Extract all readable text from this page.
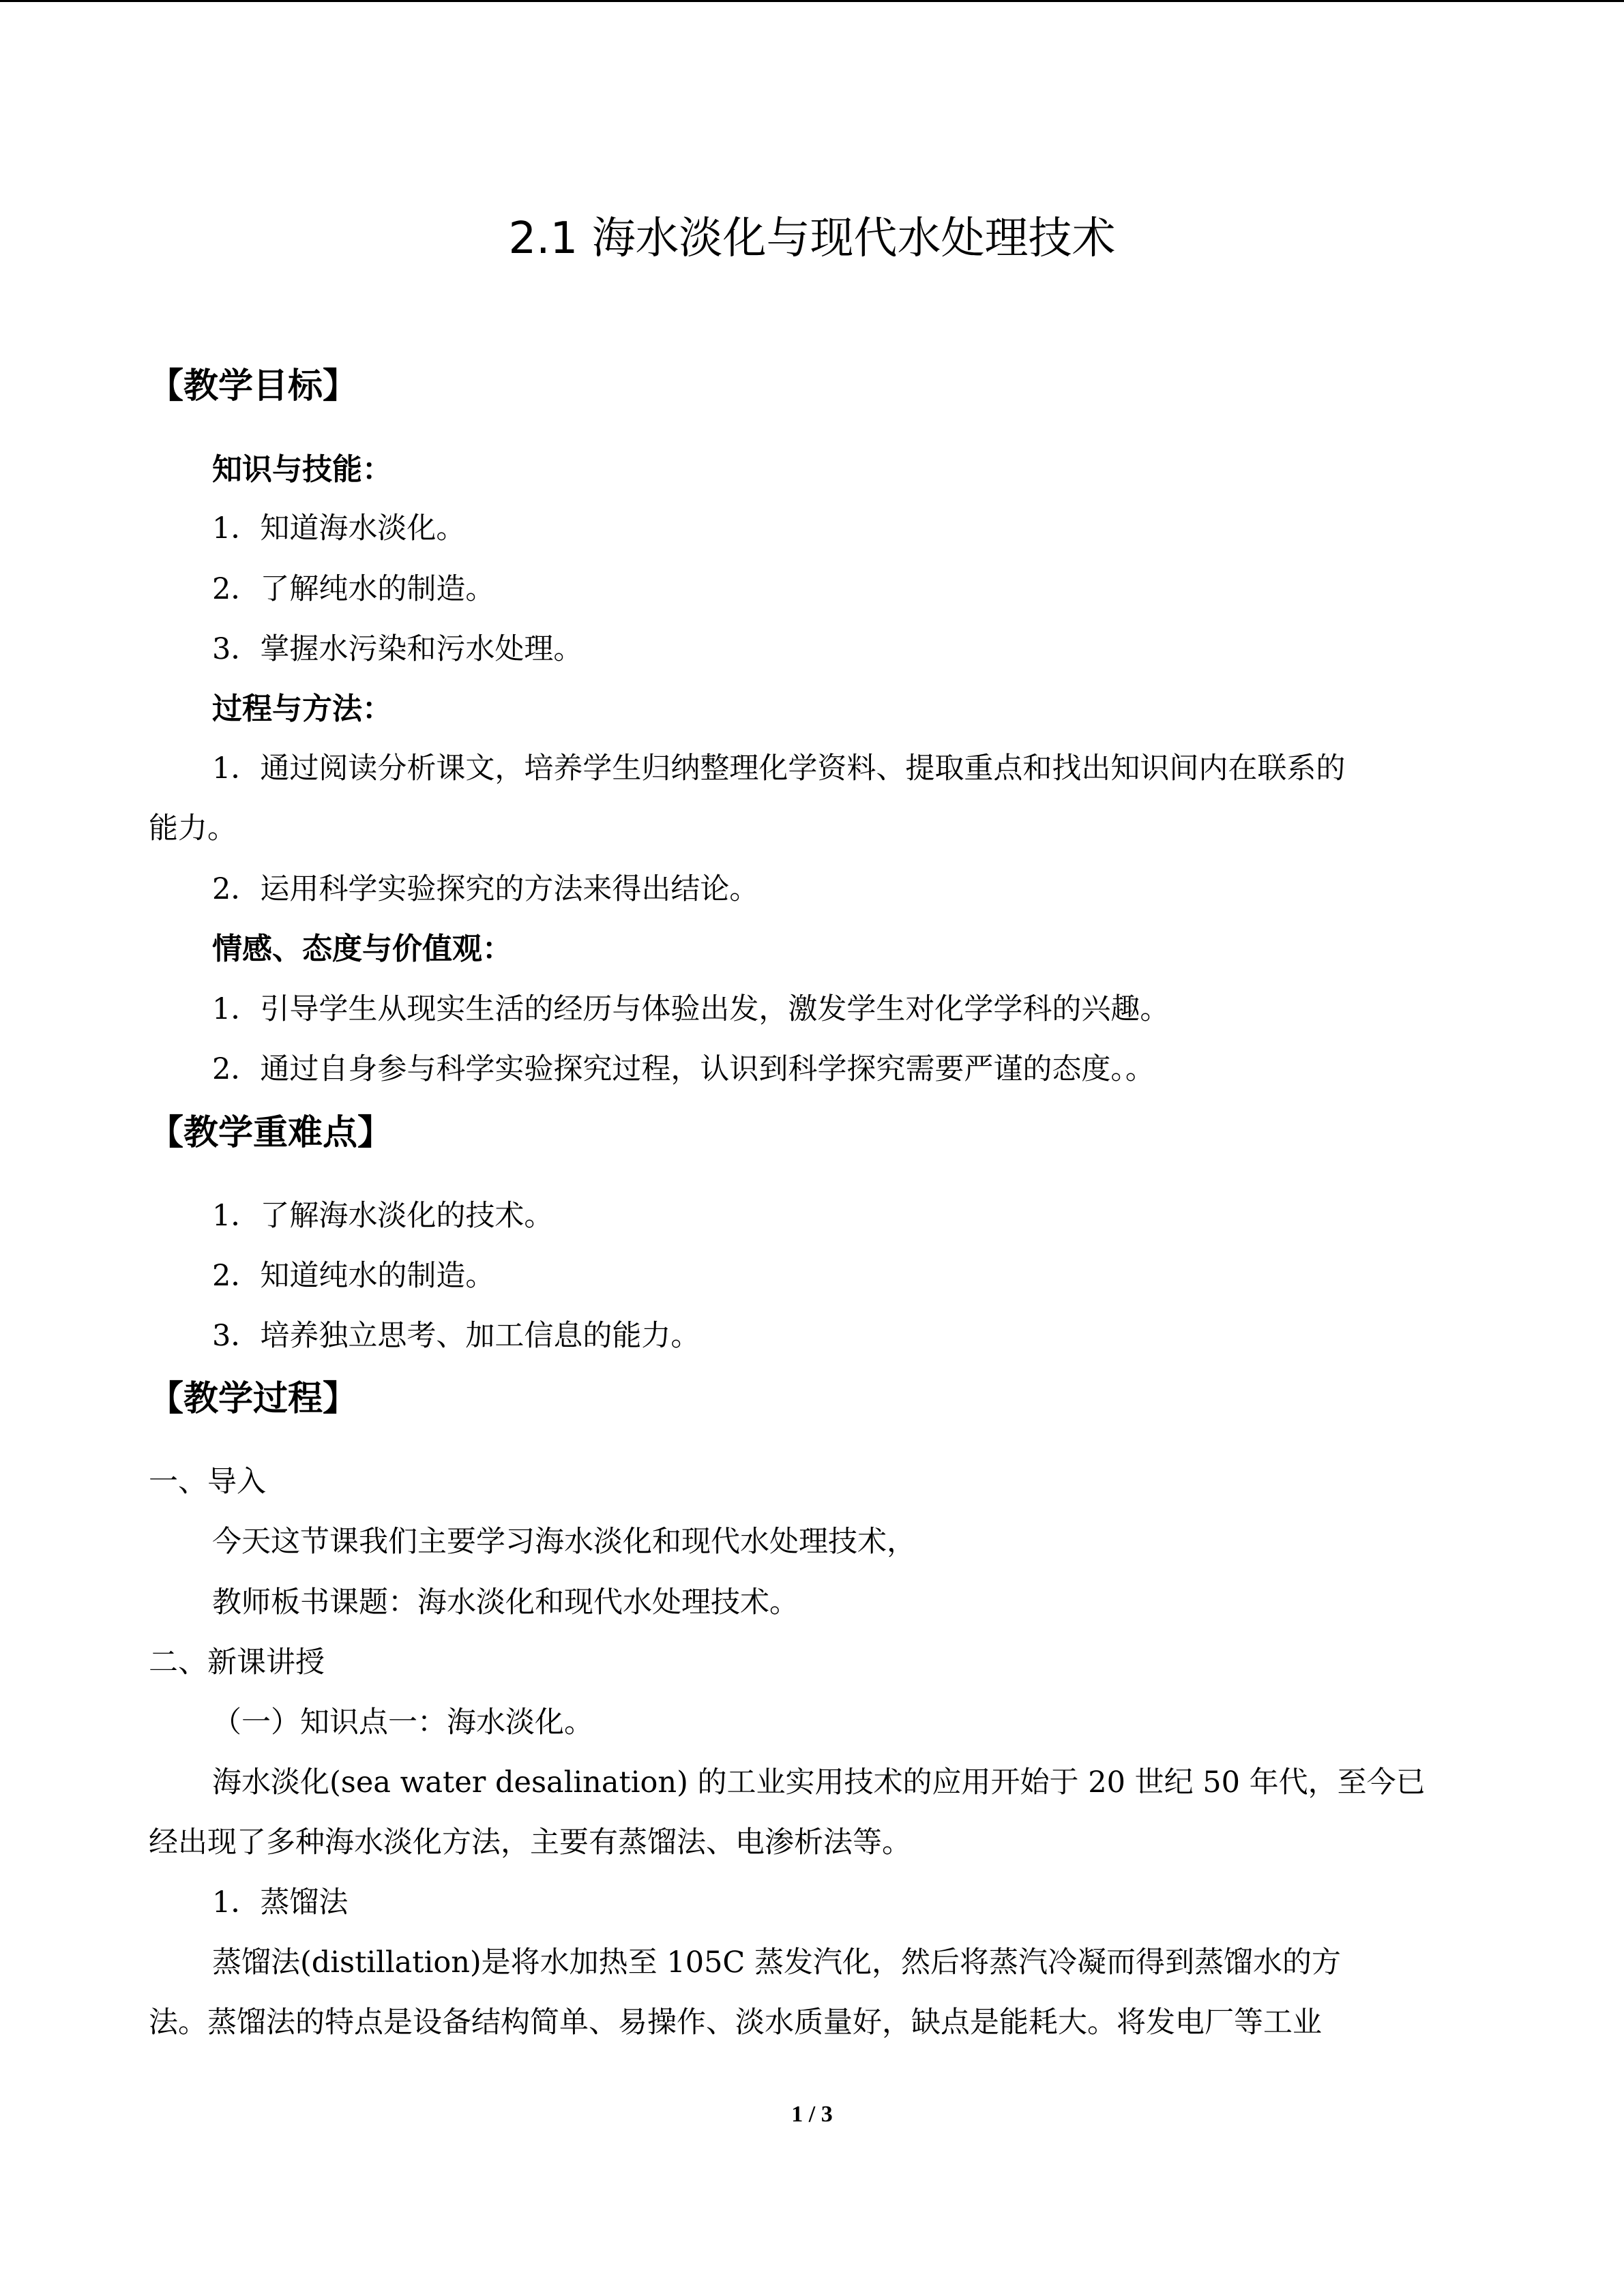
2.1 海水淡化与现代水处理技术
【教学目标】
知识与技能：
1．知道海水淡化。
2．了解纯水的制造。
3．掌握水污染和污水处理。
过程与方法：
1．通过阅读分析课文，培养学生归纳整理化学资料、提取重点和找出知识间内在联系的
能力。
2．运用科学实验探究的方法来得出结论。
情感、态度与价值观：
1．引导学生从现实生活的经历与体验出发，激发学生对化学学科的兴趣。
2．通过自身参与科学实验探究过程，认识到科学探究需要严谨的态度。。
【教学重难点】
1．了解海水淡化的技术。
2．知道纯水的制造。
3．培养独立思考、加工信息的能力。
【教学过程】
一、导入
今天这节课我们主要学习海水淡化和现代水处理技术，
教师板书课题：海水淡化和现代水处理技术。
二、新课讲授
（一）知识点一：海水淡化。
海水淡化(sea water desalination) 的工业实用技术的应用开始于 20 世纪 50 年代，至今已
经出现了多种海水淡化方法，主要有蒸馏法、电渗析法等。
1．蒸馏法
蒸馏法(distillation)是将水加热至 105C 蒸发汽化，然后将蒸汽冷凝而得到蒸馏水的方
法。蒸馏法的特点是设备结构简单、易操作、淡水质量好，缺点是能耗大。将发电厂等工业
1 / 3
